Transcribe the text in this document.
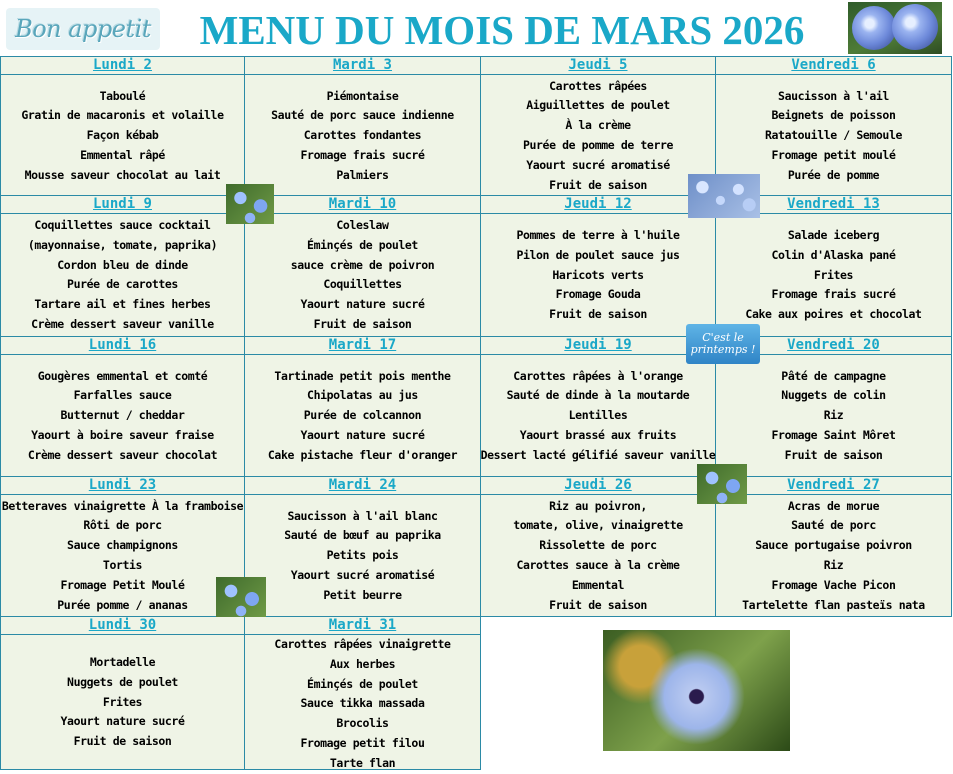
Bon appetit	MENU DU MOIS DE MARS 2026
Lundi 2
Taboulé
Gratin de macaronis et volaille
Façon kébab
Emmental râpé
Mousse saveur chocolat au lait
Mardi 3
Piémontaise
Sauté de porc sauce indienne
Carottes fondantes
Fromage frais sucré
Palmiers
Jeudi 5
Carottes râpées
Aiguillettes de poulet
À la crème
Purée de pomme de terre
Yaourt sucré aromatisé
Fruit de saison
Vendredi 6
Saucisson à l'ail
Beignets de poisson
Ratatouille / Semoule
Fromage petit moulé
Purée de pomme
Lundi 9
Coquillettes sauce cocktail
(mayonnaise, tomate, paprika)
Cordon bleu de dinde
Purée de carottes
Tartare ail et fines herbes
Crème dessert saveur vanille
Mardi 10
Coleslaw
Éminçés de poulet
sauce crème de poivron
Coquillettes
Yaourt nature sucré
Fruit de saison
Jeudi 12
Pommes de terre à l'huile
Pilon de poulet sauce jus
Haricots verts
Fromage Gouda
Fruit de saison
Vendredi 13
Salade iceberg
Colin d'Alaska pané
Frites
Fromage frais sucré
Cake aux poires et chocolat
Lundi 16
Gougères emmental et comté
Farfalles sauce
Butternut / cheddar
Yaourt à boire saveur fraise
Crème dessert saveur chocolat
Mardi 17
Tartinade petit pois menthe
Chipolatas au jus
Purée de colcannon
Yaourt nature sucré
Cake pistache fleur d'oranger
Jeudi 19
Carottes râpées à l'orange
Sauté de dinde à la moutarde
Lentilles
Yaourt brassé aux fruits
Dessert lacté gélifié saveur vanille
Vendredi 20
Pâté de campagne
Nuggets de colin
Riz
Fromage Saint Môret
Fruit de saison
Lundi 23
Betteraves vinaigrette À la framboise
Rôti de porc
Sauce champignons
Tortis
Fromage Petit Moulé
Purée pomme / ananas
Mardi 24
Saucisson à l'ail blanc
Sauté de bœuf au paprika
Petits pois
Yaourt sucré aromatisé
Petit beurre
Jeudi 26
Riz au poivron,
tomate, olive, vinaigrette
Rissolette de porc
Carottes sauce à la crème
Emmental
Fruit de saison
Vendredi 27
Acras de morue
Sauté de porc
Sauce portugaise poivron
Riz
Fromage Vache Picon
Tartelette flan pasteïs nata
Lundi 30
Mortadelle
Nuggets de poulet
Frites
Yaourt nature sucré
Fruit de saison
Mardi 31
Carottes râpées vinaigrette
Aux herbes
Éminçés de poulet
Sauce tikka massada
Brocolis
Fromage petit filou
Tarte flan
C'est le
printemps !
